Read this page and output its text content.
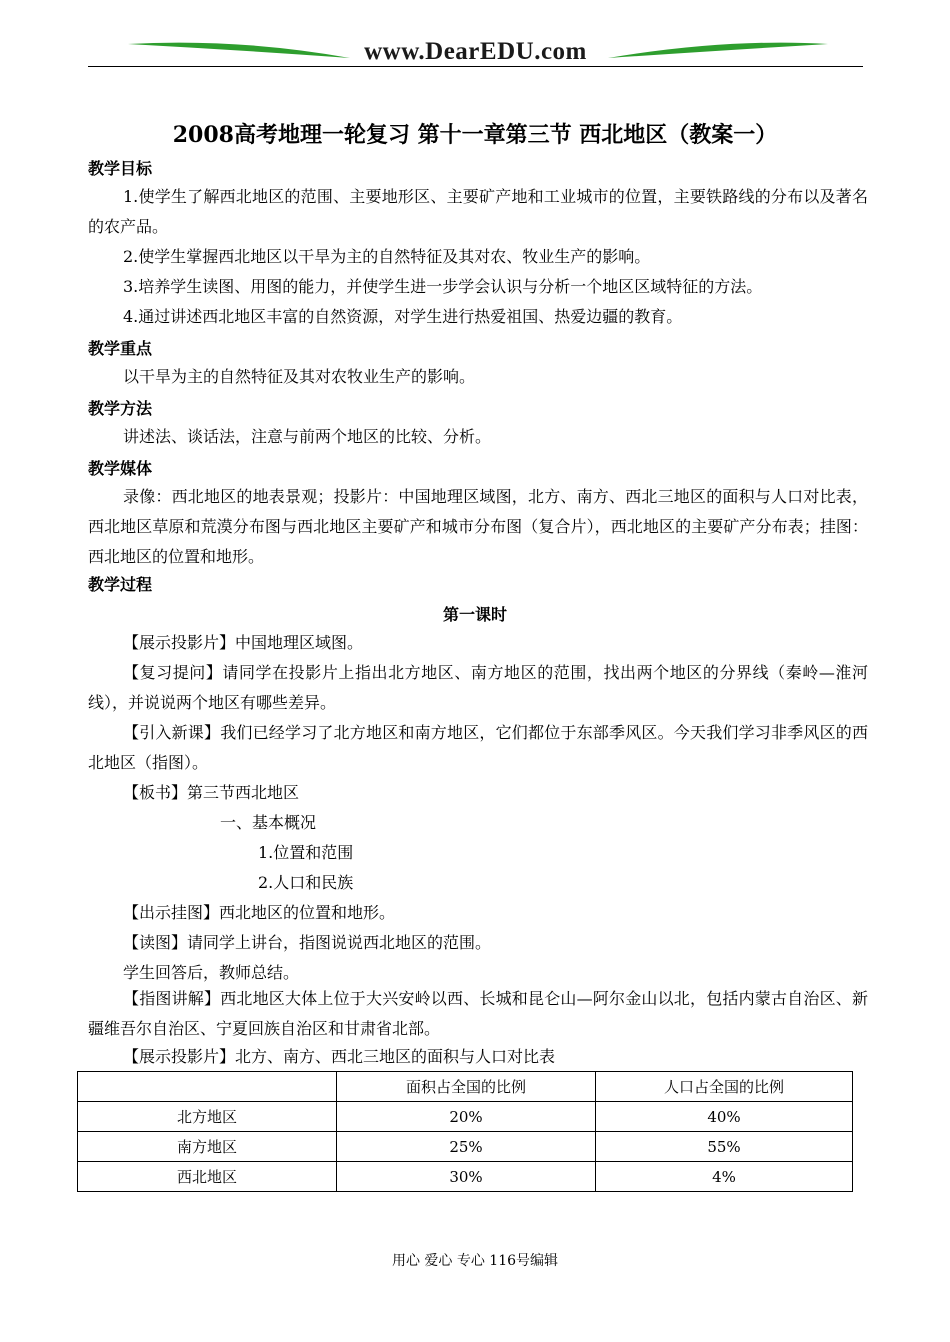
www.DearEDU.com
2008高考地理一轮复习 第十一章第三节 西北地区（教案一）
教学目标
1.使学生了解西北地区的范围、主要地形区、主要矿产地和工业城市的位置，主要铁路线的分布以及著名的农产品。
2.使学生掌握西北地区以干旱为主的自然特征及其对农、牧业生产的影响。
3.培养学生读图、用图的能力，并使学生进一步学会认识与分析一个地区区域特征的方法。
4.通过讲述西北地区丰富的自然资源，对学生进行热爱祖国、热爱边疆的教育。
教学重点
以干旱为主的自然特征及其对农牧业生产的影响。
教学方法
讲述法、谈话法，注意与前两个地区的比较、分析。
教学媒体
录像：西北地区的地表景观；投影片：中国地理区域图，北方、南方、西北三地区的面积与人口对比表，西北地区草原和荒漠分布图与西北地区主要矿产和城市分布图（复合片），西北地区的主要矿产分布表；挂图：西北地区的位置和地形。
教学过程
第一课时
【展示投影片】中国地理区域图。
【复习提问】请同学在投影片上指出北方地区、南方地区的范围，找出两个地区的分界线（秦岭—淮河线），并说说两个地区有哪些差异。
【引入新课】我们已经学习了北方地区和南方地区，它们都位于东部季风区。今天我们学习非季风区的西北地区（指图）。
【板书】第三节西北地区
一、基本概况
1.位置和范围
2.人口和民族
【出示挂图】西北地区的位置和地形。
【读图】请同学上讲台，指图说说西北地区的范围。
学生回答后，教师总结。
【指图讲解】西北地区大体上位于大兴安岭以西、长城和昆仑山—阿尔金山以北，包括内蒙古自治区、新疆维吾尔自治区、宁夏回族自治区和甘肃省北部。
【展示投影片】北方、南方、西北三地区的面积与人口对比表
	面积占全国的比例	人口占全国的比例
北方地区	20%	40%
南方地区	25%	55%
西北地区	30%	4%
用心 爱心 专心 116号编辑
